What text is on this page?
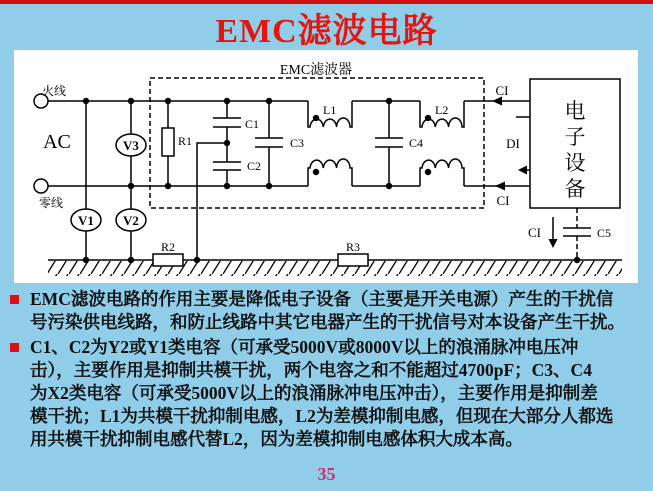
EMC滤波电路
EMC滤波器
火线
零线
AC
V1
V3
V2
R1
C1
C2
C3
L1
C4
L2
CI
CI
DI
电
子
设
备
C5
CI
R2	R3
EMC滤波电路的作用主要是降低电子设备（主要是开关电源）产生的干扰信
号污染供电线路，和防止线路中其它电器产生的干扰信号对本设备产生干扰。
C1、C2为Y2或Y1类电容（可承受5000V或8000V以上的浪涌脉冲电压冲
击），主要作用是抑制共模干扰，两个电容之和不能超过4700pF；C3、C4
为X2类电容（可承受5000V以上的浪涌脉冲电压冲击），主要作用是抑制差
模干扰；L1为共模干扰抑制电感，L2为差模抑制电感，但现在大部分人都选
用共模干扰抑制电感代替L2，因为差模抑制电感体积大成本高。
35
